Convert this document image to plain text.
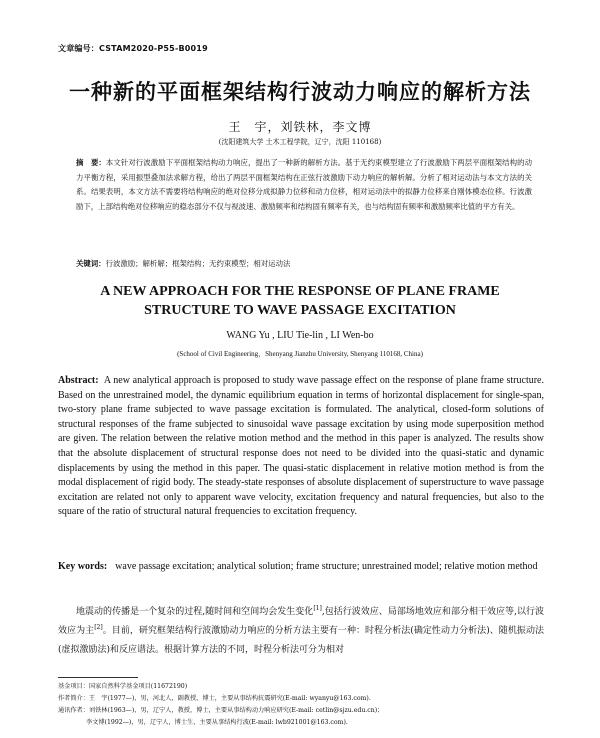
文章编号：CSTAM2020-P55-B0019
一种新的平面框架结构行波动力响应的解析方法
王　宇，刘铁林，李文博
(沈阳建筑大学 土木工程学院，辽宁，沈阳 110168)
摘　要：本文针对行波激励下平面框架结构动力响应，提出了一种新的解析方法。基于无约束模型建立了行波激励下两层平面框架结构的动力平衡方程，采用振型叠加法求解方程，给出了两层平面框架结构在正弦行波激励下动力响应的解析解。分析了相对运动法与本文方法的关系。结果表明，本文方法不需要将结构响应的绝对位移分成拟静力位移和动力位移，相对运动法中的拟静力位移来自刚体模态位移。行波激励下，上部结构绝对位移响应的稳态部分不仅与视波速、激励频率和结构固有频率有关，也与结构固有频率和激励频率比值的平方有关。
关键词：行波激励；解析解；框架结构；无约束模型；相对运动法
A NEW APPROACH FOR THE RESPONSE OF PLANE FRAME
STRUCTURE TO WAVE PASSAGE EXCITATION
WANG Yu , LIU Tie-lin , LI Wen-bo
(School of Civil Engineering，Shenyang Jianzhu University, Shenyang 110168, China)
Abstract: A new analytical approach is proposed to study wave passage effect on the response of plane frame structure. Based on the unrestrained model, the dynamic equilibrium equation in terms of horizontal displacement for single-span, two-story plane frame subjected to wave passage excitation is formulated. The analytical, closed-form solutions of structural responses of the frame subjected to sinusoidal wave passage excitation by using mode superposition method are given. The relation between the relative motion method and the method in this paper is analyzed. The results show that the absolute displacement of structural response does not need to be divided into the quasi-static and dynamic displacements by using the method in this paper. The quasi-static displacement in relative motion method is from the modal displacement of rigid body. The steady-state responses of absolute displacement of superstructure to wave passage excitation are related not only to apparent wave velocity, excitation frequency and natural frequencies, but also to the square of the ratio of structural natural frequencies to excitation frequency.
Key words: wave passage excitation; analytical solution; frame structure; unrestrained model; relative motion method
地震动的传播是一个复杂的过程,随时间和空间均会发生变化[1],包括行波效应、局部场地效应和部分相干效应等,以行波效应为主[2]。目前，研究框架结构行波激励动力响应的分析方法主要有一种：时程分析法(确定性动力分析法)、随机振动法(虚拟激励法)和反应谱法。根据计算方法的不同，时程分析法可分为相对
基金项目：国家自然科学基金项目(11672190)
作者简介：王　宇(1977—)，男，河北人，副教授，博士，主要从事结构抗震研究(E-mail: wyanyu@163.com).
通讯作者：刘铁林(1963—)，男，辽宁人，教授，博士，主要从事结构动力响应研究(E-mail: cetlin@sjzu.edu.cn)；
李文博(1992—)，男，辽宁人，博士生，主要从事结构行波(E-mail: lwb921001@163.com).
